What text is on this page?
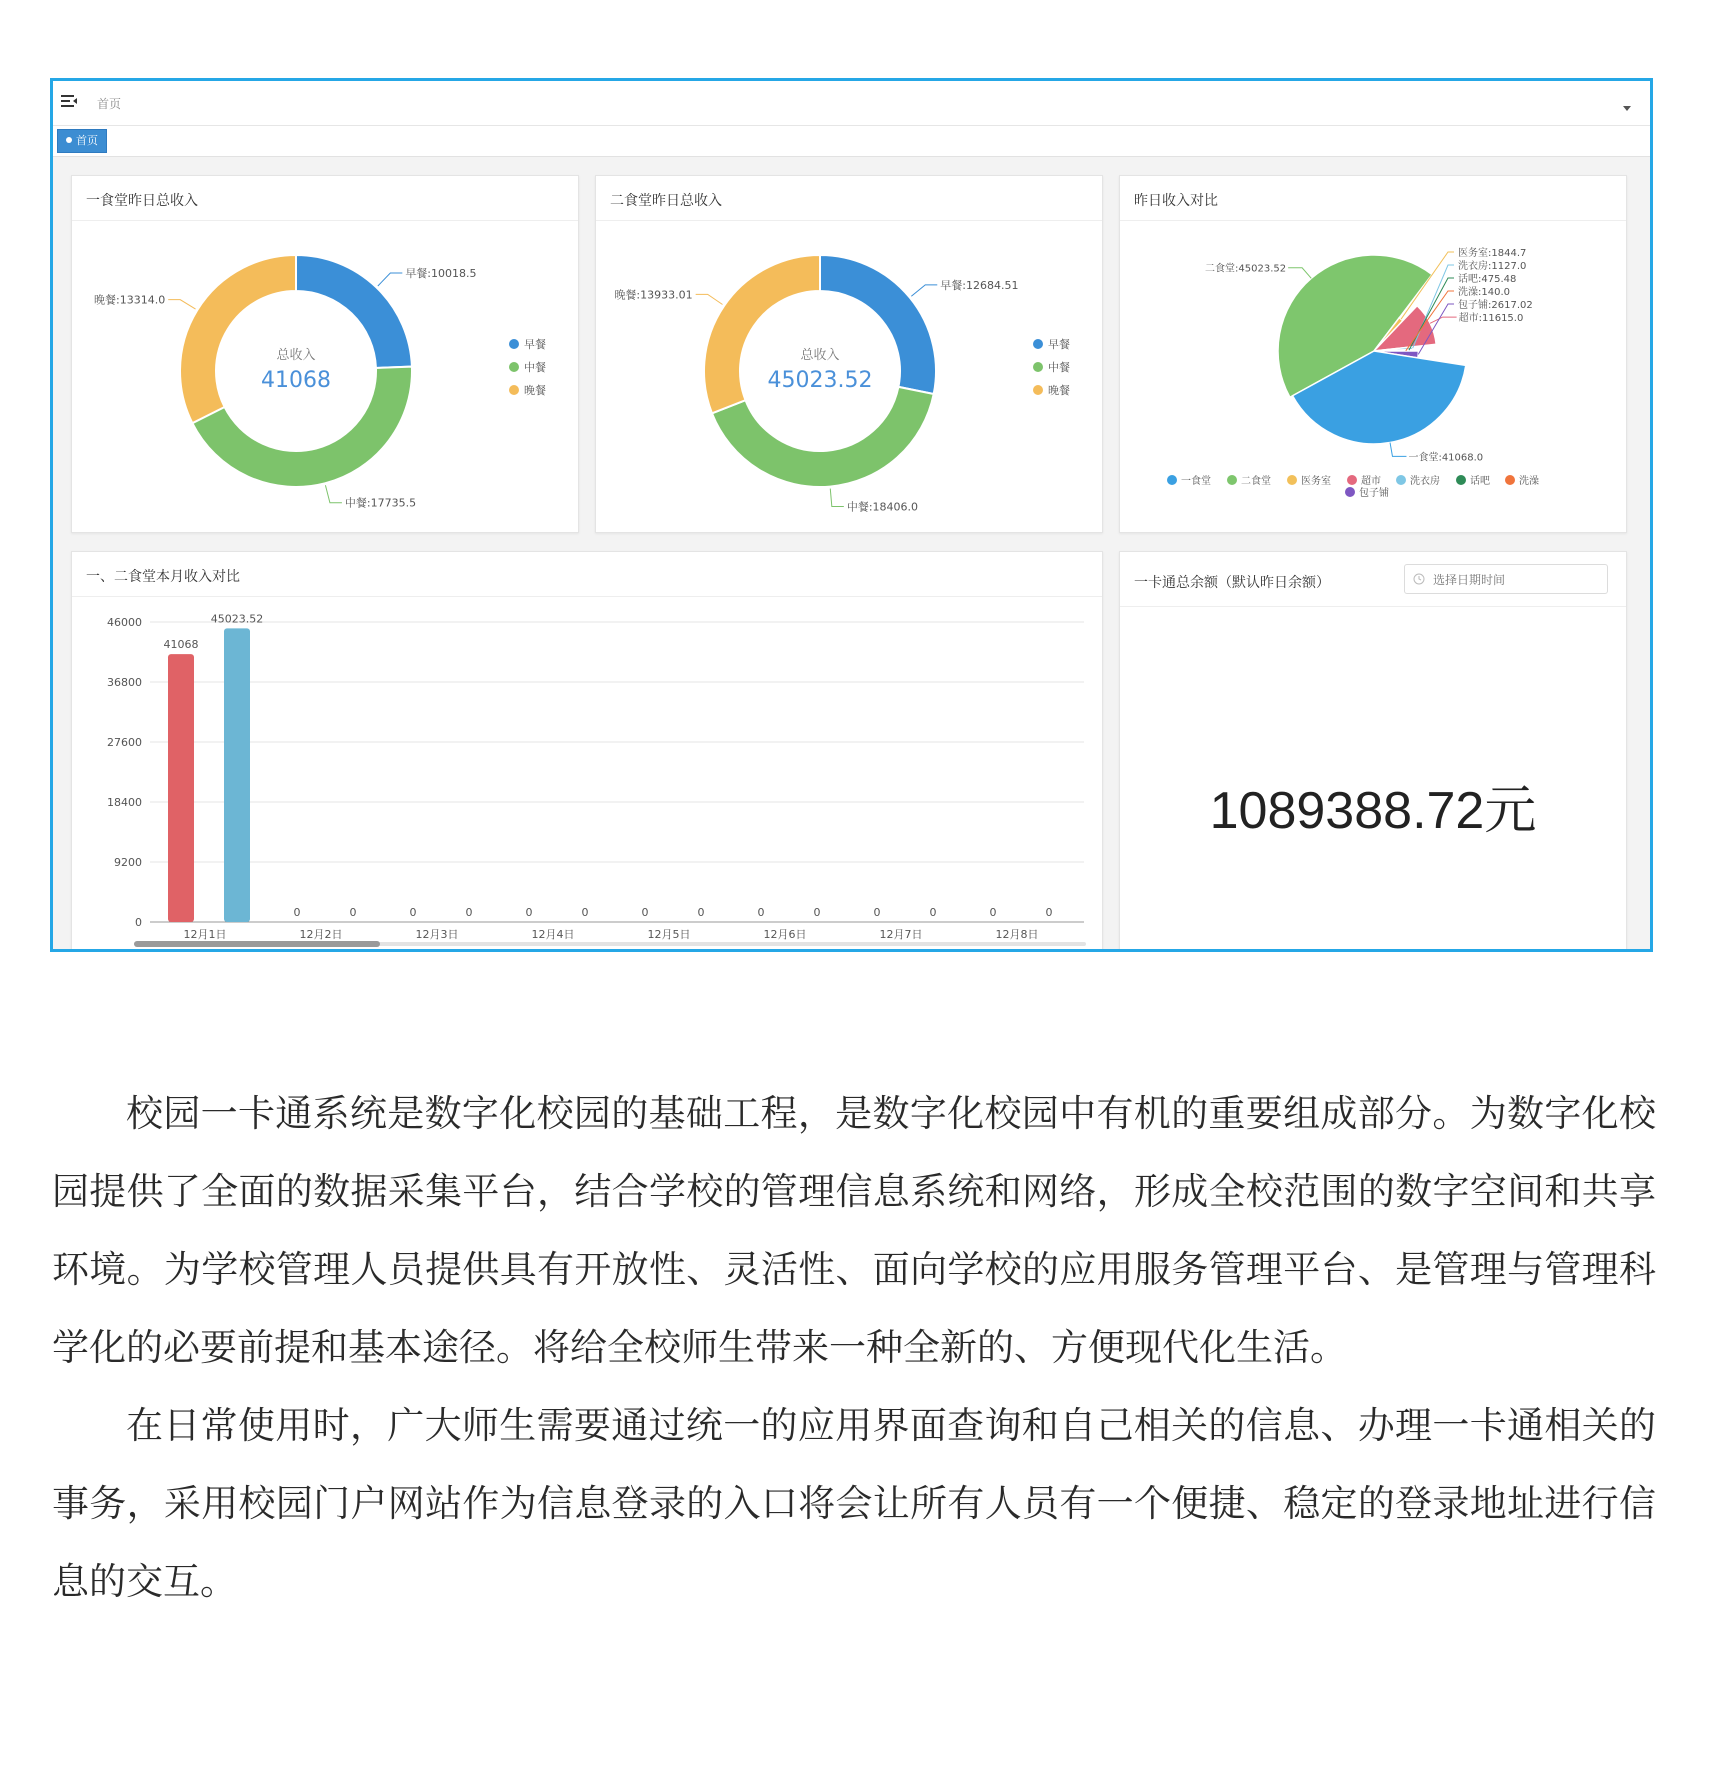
首页
首页
一食堂昨日总收入
早餐:10018.5
中餐:17735.5
晚餐:13314.0
总收入
41068
早餐
中餐
晚餐
二食堂昨日总收入
早餐:12684.51
中餐:18406.0
晚餐:13933.01
总收入
45023.52
早餐
中餐
晚餐
昨日收入对比
二食堂:45023.52
医务室:1844.7
超市:11615.0
洗衣房:1127.0
话吧:475.48
洗澡:140.0
包子铺:2617.02
一食堂:41068.0
一食堂	二食堂	医务室	超市	洗衣房	话吧	洗澡
包子铺
一、二食堂本月收入对比
0
9200
18400
27600
36800
46000
41068
45023.52
12月1日
0	0
12月2日
0	0
12月3日
0	0
12月4日
0	0
12月5日
0	0
12月6日
0	0
12月7日
0	0
12月8日
一卡通总余额（默认昨日余额）
选择日期时间
1089388.72元

校园一卡通系统是数字化校园的基础工程，是数字化校园中有机的重要组成部分。为数字化校园提供了全面的数据采集平台，结合学校的管理信息系统和网络，形成全校范围的数字空间和共享环境。为学校管理人员提供具有开放性、灵活性、面向学校的应用服务管理平台、是管理与管理科学化的必要前提和基本途径。将给全校师生带来一种全新的、方便现代化生活。

在日常使用时，广大师生需要通过统一的应用界面查询和自己相关的信息、办理一卡通相关的事务，采用校园门户网站作为信息登录的入口将会让所有人员有一个便捷、稳定的登录地址进行信息的交互。
